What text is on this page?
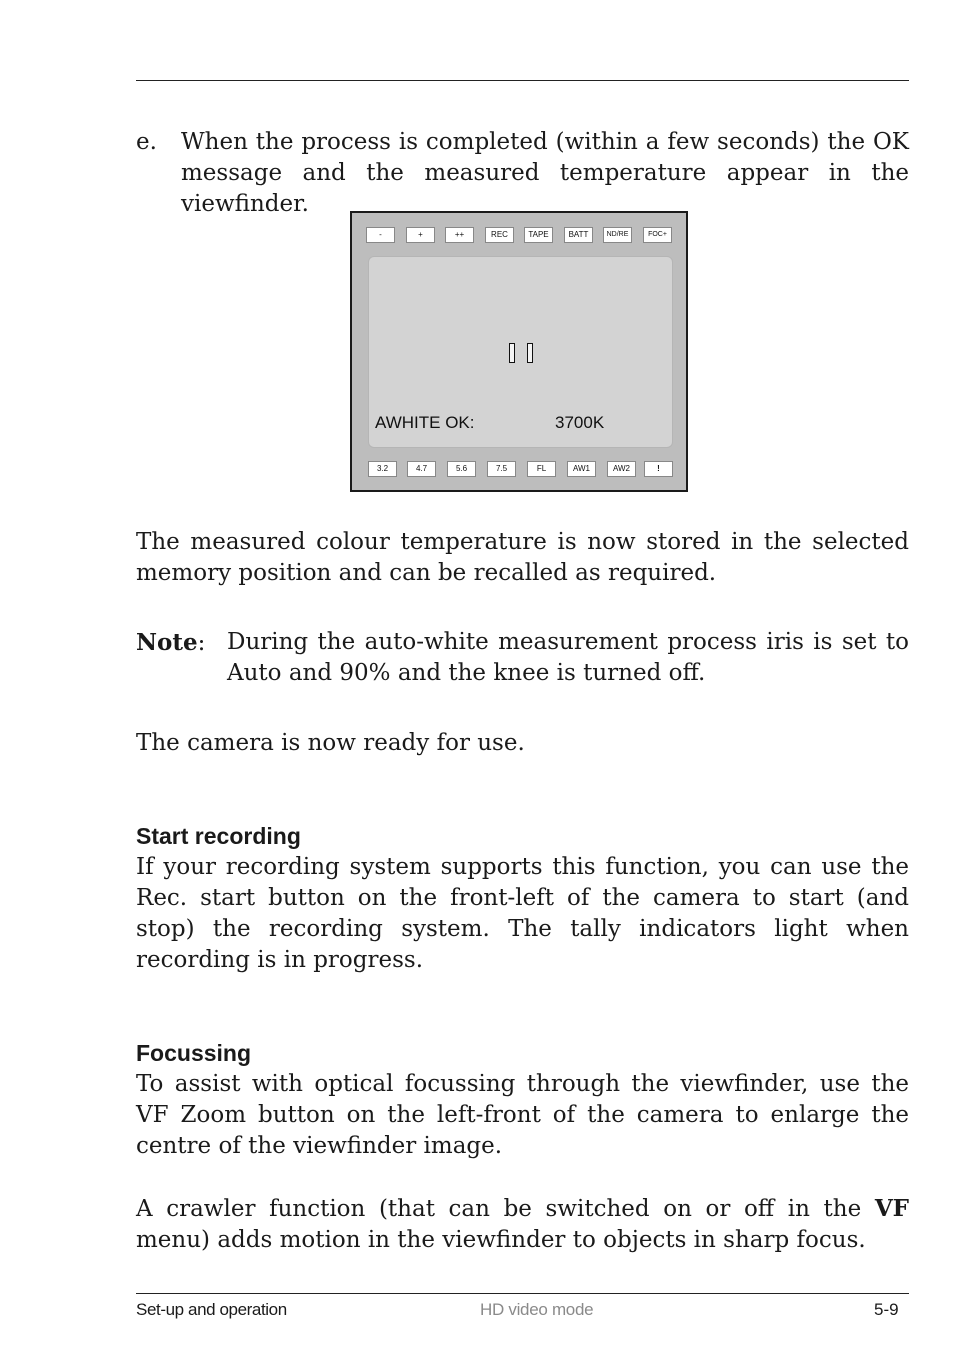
e. When the process is completed (within a few seconds) the OK message and the measured temperature appear in the viewfinder.
-	+	++	REC	TAPE	BATT	ND/RE	FOC+
AWHITE OK:	3700K
3.2	4.7	5.6	7.5	FL	AW1	AW2	!
The measured colour temperature is now stored in the selected memory position and can be recalled as required.
Note: During the auto-white measurement process iris is set to Auto and 90% and the knee is turned off.
The camera is now ready for use.
Start recording
If your recording system supports this function, you can use the Rec. start button on the front-left of the camera to start (and stop) the recording system. The tally indicators light when recording is in progress.
Focussing
To assist with optical focussing through the viewfinder, use the VF Zoom button on the left-front of the camera to enlarge the centre of the viewfinder image.
A crawler function (that can be switched on or off in the VF menu) adds motion in the viewfinder to objects in sharp focus.
Set-up and operation	HD video mode	5-9
